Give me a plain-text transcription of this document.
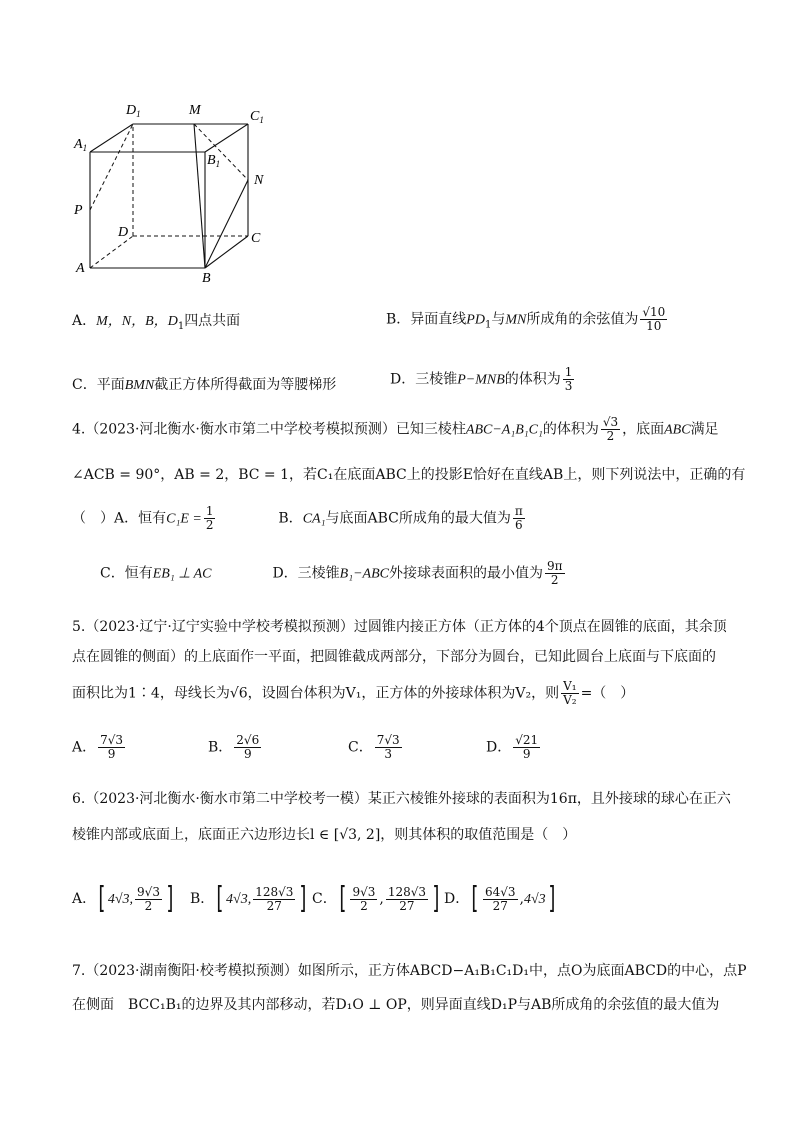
$D_1$	M	$C_1$
$A_1$
$B_1$
N
P
D	C
A
B
A．M，N，B，$D_1$四点共面	B．异面直线$PD_1$与MN所成角的余弦值为 $\frac{√10}{10}$
C．平面BMN截正方体所得截面为等腰梯形	D．三棱锥P−MNB的体积为 $\frac{1}{3}$
4.（2023·河北衡水·衡水市第二中学校考模拟预测）已知三棱柱ABC−A₁B₁C₁的体积为 $\frac{√3}{2}$ ，底面ABC满足
∠ACB = 90°，AB = 2，BC = 1，若C₁在底面ABC上的投影E恰好在直线AB上，则下列说法中，正确的有
（　）A．恒有$C_1E = \frac{1}{2}$	B．CA₁与底面ABC所成角的最大值为 $\frac{\pi}{6}$
C．恒有EB₁ ⊥ AC	D．三棱锥B₁−ABC外接球表面积的最小值为 $\frac{9\pi}{2}$
5.（2023·辽宁·辽宁实验中学校考模拟预测）过圆锥内接正方体（正方体的4个顶点在圆锥的底面，其余顶
点在圆锥的侧面）的上底面作一平面，把圆锥截成两部分，下部分为圆台，已知此圆台上底面与下底面的
面积比为1∶4，母线长为√6，设圆台体积为V₁，正方体的外接球体积为V₂，则 $\frac{\text{V₁}}{\text{V₂}}$ =（　）
A． $\frac{7√3}{9}$	B． $\frac{2√6}{9}$	C． $\frac{7√3}{3}$	D． $\frac{√21}{9}$
6.（2023·河北衡水·衡水市第二中学校考一模）某正六棱锥外接球的表面积为16π，且外接球的球心在正六
棱锥内部或底面上，底面正六边形边长l ∈ [√3, 2]，则其体积的取值范围是（　）
A．[ 4√3, $\frac{9√3}{2}$ ] B．[ 4√3, $\frac{128√3}{27}$ ] C．[ $\frac{9√3}{2}$ , $\frac{128√3}{27}$ ] D．[ $\frac{64√3}{27} ,4√3$]
7.（2023·湖南衡阳·校考模拟预测）如图所示，正方体ABCD−A₁B₁C₁D₁中，点O为底面ABCD的中心，点P
在侧面　BCC₁B₁的边界及其内部移动，若D₁O ⊥ OP，则异面直线D₁P与AB所成角的余弦值的最大值为
